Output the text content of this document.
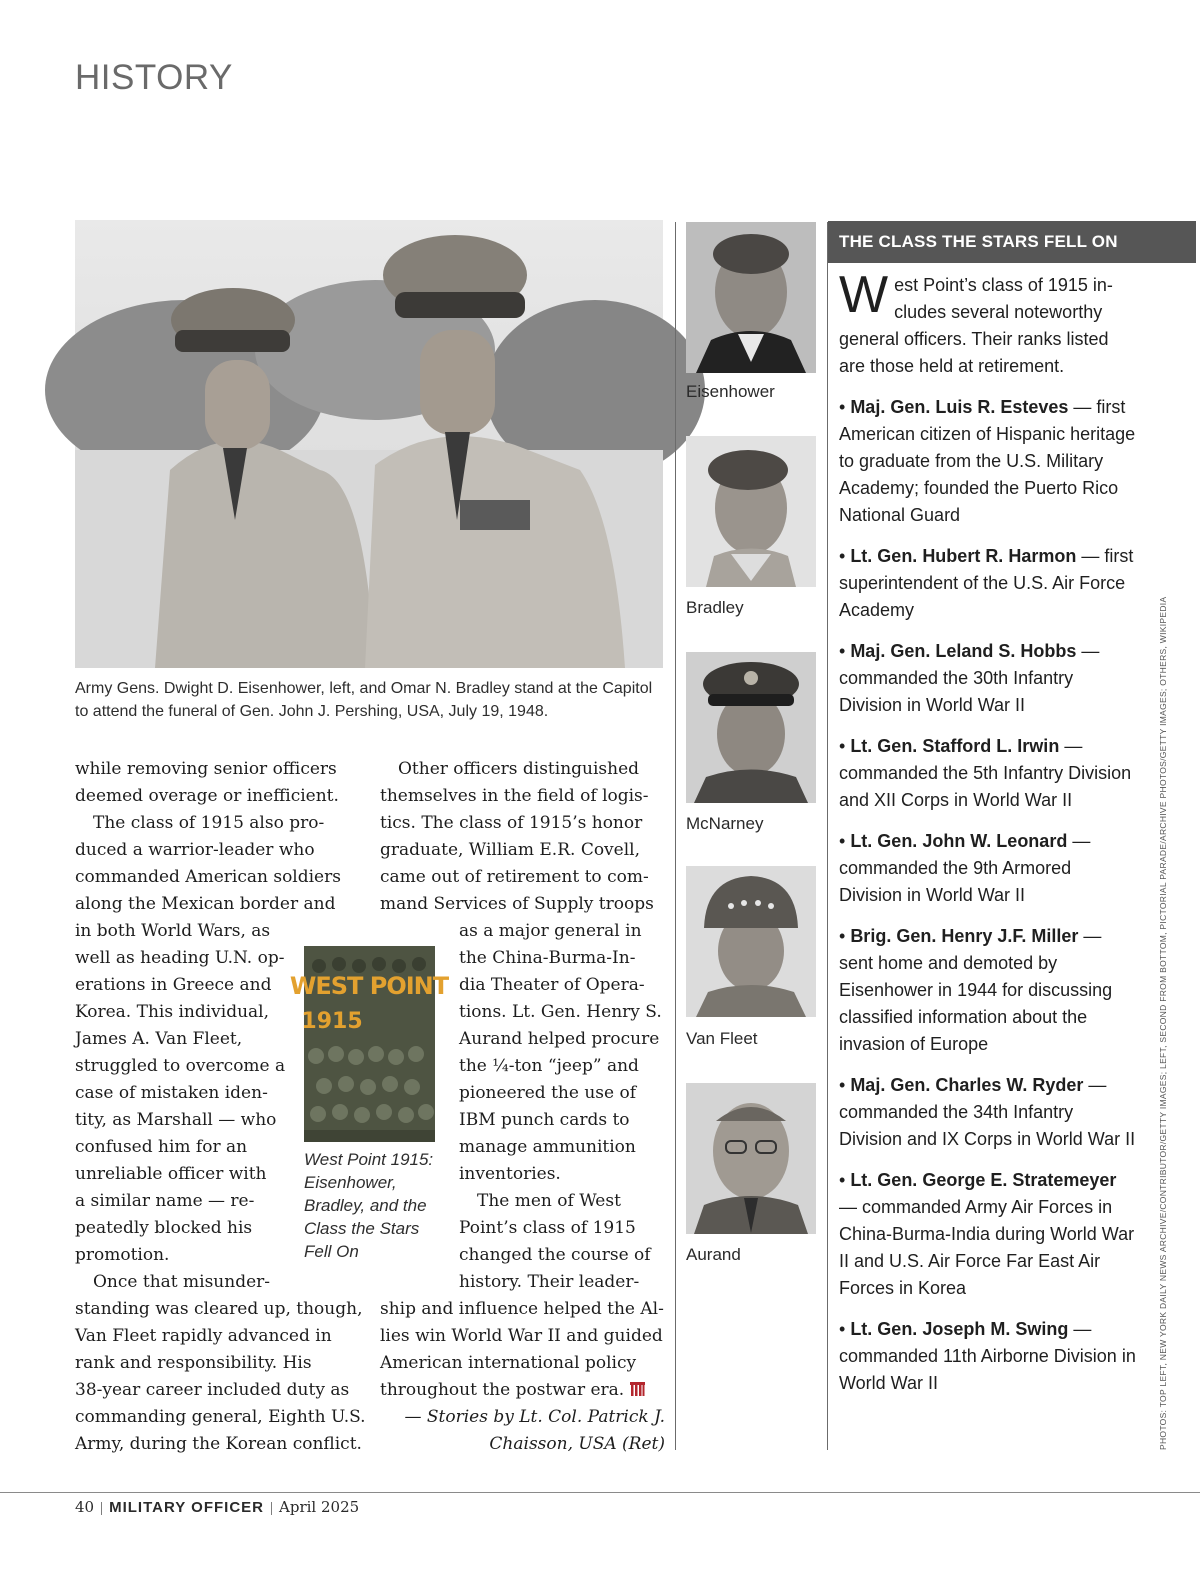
HISTORY
Army Gens. Dwight D. Eisenhower, left, and Omar N. Bradley stand at the Capitol to attend the funeral of Gen. John J. Pershing, USA, July 19, 1948.
while removing senior officers
deemed overage or inefficient.
The class of 1915 also pro-
duced a warrior-leader who
commanded American soldiers
along the Mexican border and
in both World Wars, as
well as heading U.N. op-
erations in Greece and
Korea. This individual,
James A. Van Fleet,
struggled to overcome a
case of mistaken iden-
tity, as Marshall — who
confused him for an
unreliable officer with
a similar name — re-
peatedly blocked his
promotion.
Once that misunder-
standing was cleared up, though,
Van Fleet rapidly advanced in
rank and responsibility. His
38-year career included duty as
commanding general, Eighth U.S.
Army, during the Korean conflict.
Other officers distinguished
themselves in the field of logis-
tics. The class of 1915’s honor
graduate, William E.R. Covell,
came out of retirement to com-
mand Services of Supply troops
as a major general in
the China-Burma-In-
dia Theater of Opera-
tions. Lt. Gen. Henry S.
Aurand helped procure
the ¼-ton “jeep” and
pioneered the use of
IBM punch cards to
manage ammunition
inventories.
The men of West
Point’s class of 1915
changed the course of
history. Their leader-
ship and influence helped the Al-
lies win World War II and guided
American international policy
throughout the postwar era.
— Stories by Lt. Col. Patrick J.
Chaisson, USA (Ret)
WEST POINT
1915
West Point 1915: Eisenhower, Bradley, and the Class the Stars Fell On
Eisenhower
Bradley
McNarney
Van Fleet
Aurand
THE CLASS THE STARS FELL ON
W est Point’s class of 1915 in-
cludes several noteworthy
general officers. Their ranks listed are those held at retirement.
• Maj. Gen. Luis R. Esteves — first American citizen of Hispanic heritage to graduate from the U.S. Military Academy; founded the Puerto Rico National Guard
• Lt. Gen. Hubert R. Harmon — first superintendent of the U.S. Air Force Academy
• Maj. Gen. Leland S. Hobbs — commanded the 30th Infantry Division in World War II
• Lt. Gen. Stafford L. Irwin — commanded the 5th Infantry Division and XII Corps in World War II
• Lt. Gen. John W. Leonard — commanded the 9th Armored Division in World War II
• Brig. Gen. Henry J.F. Miller — sent home and demoted by Eisenhower in 1944 for discussing classified information about the invasion of Europe
• Maj. Gen. Charles W. Ryder — commanded the 34th Infantry Division and IX Corps in World War II
• Lt. Gen. George E. Stratemeyer — commanded Army Air Forces in China-Burma-India during World War II and U.S. Air Force Far East Air Forces in Korea
• Lt. Gen. Joseph M. Swing — commanded 11th Airborne Division in World War II	PHOTOS: TOP LEFT, NEW YORK DAILY NEWS ARCHIVE/CONTRIBUTOR/GETTY IMAGES; LEFT, SECOND FROM BOTTOM, PICTORIAL PARADE/ARCHIVE PHOTOS/GETTY IMAGES; OTHERS, WIKIPEDIA
40 | MILITARY OFFICER | April 2025
